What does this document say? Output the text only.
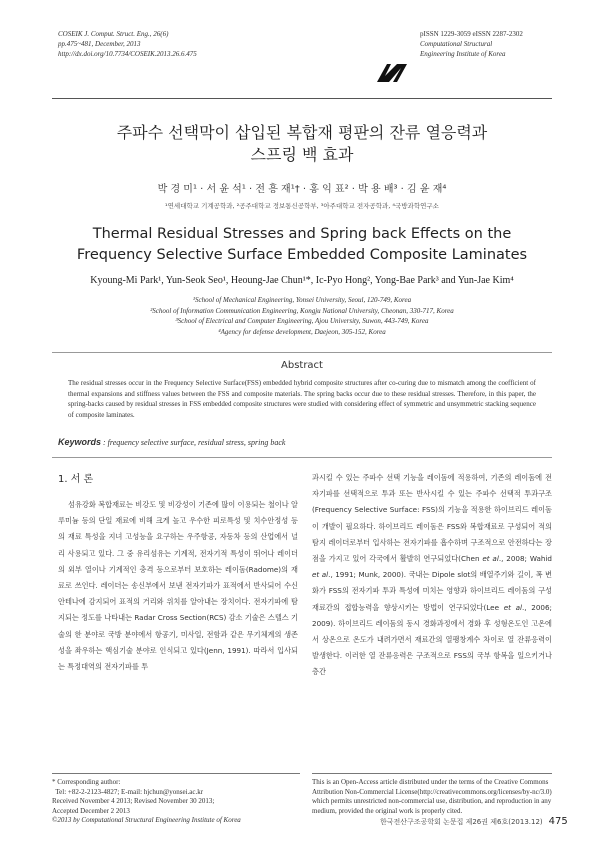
COSEIK J. Comput. Struct. Eng., 26(6)
pp.475~481, December, 2013
http://dx.doi.org/10.7734/COSEIK.2013.26.6.475
pISSN 1229-3059 eISSN 2287-2302
Computational Structural
Engineering Institute of Korea
주파수 선택막이 삽입된 복합재 평판의 잔류 열응력과
스프링 백 효과
박 경 미¹ · 서 윤 석¹ · 전 흥 재¹† · 홍 익 표² · 박 용 배³ · 김 윤 재⁴
¹연세대학교 기계공학과, ²공주대학교 정보통신공학부, ³아주대학교 전자공학과, ⁴국방과학연구소
Thermal Residual Stresses and Spring back Effects on the
Frequency Selective Surface Embedded Composite Laminates
Kyoung-Mi Park¹, Yun-Seok Seo¹, Heoung-Jae Chun¹*, Ic-Pyo Hong², Yong-Bae Park³ and Yun-Jae Kim⁴
¹School of Mechanical Engineering, Yonsei University, Seoul, 120-749, Korea
²School of Information Communication Engineering, Kongju National University, Cheonan, 330-717, Korea
³School of Electrical and Computer Engineering, Ajou University, Suwon, 443-749, Korea
⁴Agency for defense development, Daejeon, 305-152, Korea
Abstract
The residual stresses occur in the Frequency Selective Surface(FSS) embedded hybrid composite structures after co-curing due to mismatch among the coefficient of thermal expansions and stiffness values between the FSS and composite materials. The spring backs occur due to these residual stresses. Therefore, in this paper, the spring-backs caused by residual stresses in FSS embedded composite structures were studied with considering effect of symmetric and unsymmetric stacking sequence of composite laminates.
Keywords : frequency selective surface, residual stress, spring back
1. 서 론

섬유강화 복합재료는 비강도 및 비강성이 기존에 많이 이용되는 철이나 알루미늄 등의 단일 재료에 비해 크게 높고 우수한 피로특성 및 치수안정성 등의 재료 특성을 지녀 고성능을 요구하는 우주항공, 자동차 등의 산업에서 널리 사용되고 있다. 그 중 유리섬유는 기계적, 전자기적 특성이 뛰어나 레이더의 외부 열이나 기계적인 충격 등으로부터 보호하는 레이돔(Radome)의 재료로 쓰인다. 레이더는 송신부에서 보낸 전자기파가 표적에서 반사되어 수신안테나에 감지되어 표적의 거리와 위치를 알아내는 장치이다. 전자기파에 탐지되는 정도를 나타내는 Radar Cross Section(RCS) 감소 기술은 스텔스 기술의 한 분야로 국방 분야에서 항공기, 미사일, 전함과 같은 무기체계의 생존성을 좌우하는 핵심기술 분야로 인식되고 있다(Jenn, 1991). 따라서 입사되는 특정대역의 전자기파를 투

과시킬 수 있는 주파수 선택 기능을 레이돔에 적용하여, 기존의 레이돔에 전자기파를 선택적으로 투과 또는 반사시킬 수 있는 주파수 선택적 투과구조(Frequency Selective Surface: FSS)의 기능을 적용한 하이브리드 레이돔이 개발이 필요하다. 하이브리드 레이돔은 FSS와 복합재료로 구성되어 적의 탐지 레이더로부터 입사하는 전자기파를 흡수하며 구조적으로 안전하다는 장점을 가지고 있어 각국에서 활발히 연구되었다(Chen et al., 2008; Wahid et al., 1991; Munk, 2000). 국내는 Dipole slot의 배열주기와 길이, 폭 변화가 FSS의 전자기파 투과 특성에 미치는 영향과 하이브리드 레이돔의 구성 재료간의 접합능력을 향상시키는 방법이 연구되었다(Lee et al., 2006; 2009). 하이브리드 레이돔의 동시 경화과정에서 경화 후 성형온도인 고온에서 상온으로 온도가 내려가면서 재료간의 열팽창계수 차이로 열 잔류응력이 발생한다. 이러한 열 잔류응력은 구조적으로 FSS의 국부 항복을 일으키거나 층간

* Corresponding author:
Tel: +82-2-2123-4827; E-mail: hjchun@yonsei.ac.kr
Received November 4 2013; Revised November 30 2013;
Accepted December 2 2013
©2013 by Computational Structural Engineering Institute of Korea
This is an Open-Access article distributed under the terms of the Creative Commons Attribution Non-Commercial License(http://creativecommons.org/licenses/by-nc/3.0) which permits unrestricted non-commercial use, distribution, and reproduction in any medium, provided the original work is properly cited.
한국전산구조공학회 논문집 제26권 제6호(2013.12) 475
